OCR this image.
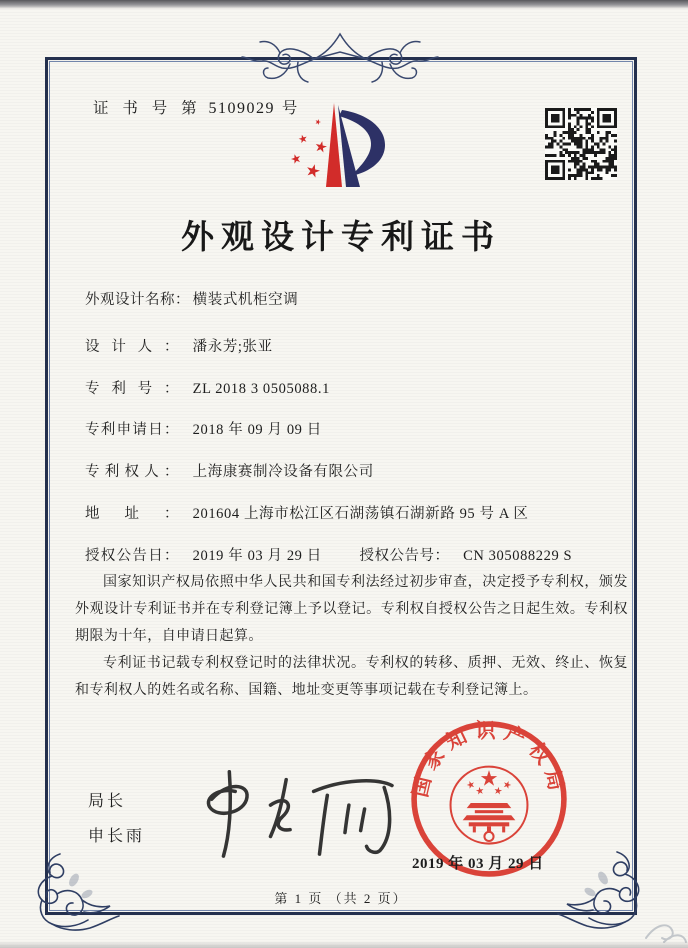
证 书 号 第 5109029 号
外观设计专利证书
外观设计名称： 横装式机柜空调
设计人： 潘永芳;张亚
专利号： ZL 2018 3 0505088.1
专利申请日： 2018 年 09 月 09 日
专利权人： 上海康赛制冷设备有限公司
地址： 201604 上海市松江区石湖荡镇石湖新路 95 号 A 区
授权公告日： 2019 年 03 月 29 日	授权公告号： CN 305088229 S

国家知识产权局依照中华人民共和国专利法经过初步审查，决定授予专利权，颁发外观设计专利证书并在专利登记簿上予以登记。专利权自授权公告之日起生效。专利权期限为十年，自申请日起算。

专利证书记载专利权登记时的法律状况。专利权的转移、质押、无效、终止、恢复和专利权人的姓名或名称、国籍、地址变更等事项记载在专利登记簿上。

局长
申长雨
国家知识产权局
2019 年 03 月 29 日
第 1 页 （共 2 页）
